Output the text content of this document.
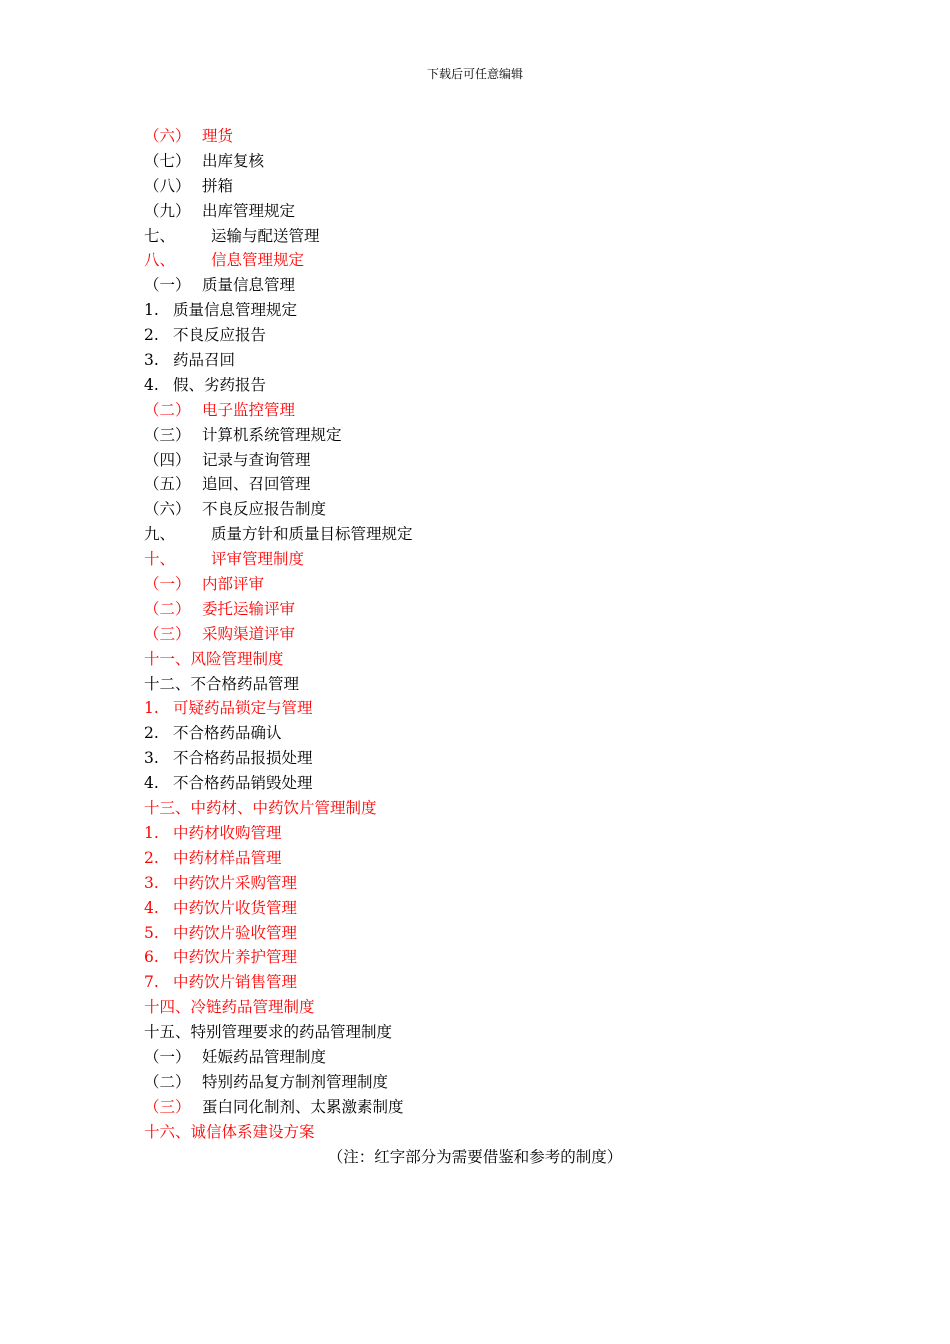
下载后可任意编辑
（六） 理货
（七） 出库复核
（八） 拼箱
（九） 出库管理规定
七、 运输与配送管理
八、 信息管理规定
（一） 质量信息管理
1. 质量信息管理规定
2. 不良反应报告
3. 药品召回
4. 假、劣药报告
（二） 电子监控管理
（三） 计算机系统管理规定
（四） 记录与查询管理
（五） 追回、召回管理
（六） 不良反应报告制度
九、 质量方针和质量目标管理规定
十、 评审管理制度
（一） 内部评审
（二） 委托运输评审
（三） 采购渠道评审
十一、风险管理制度
十二、不合格药品管理
1. 可疑药品锁定与管理
2. 不合格药品确认
3. 不合格药品报损处理
4. 不合格药品销毁处理
十三、中药材、中药饮片管理制度
1. 中药材收购管理
2. 中药材样品管理
3. 中药饮片采购管理
4. 中药饮片收货管理
5. 中药饮片验收管理
6. 中药饮片养护管理
7. 中药饮片销售管理
十四、冷链药品管理制度
十五、特别管理要求的药品管理制度
（一） 妊娠药品管理制度
（二） 特别药品复方制剂管理制度
（三） 蛋白同化制剂、太累激素制度
十六、诚信体系建设方案
（注：红字部分为需要借鉴和参考的制度）
